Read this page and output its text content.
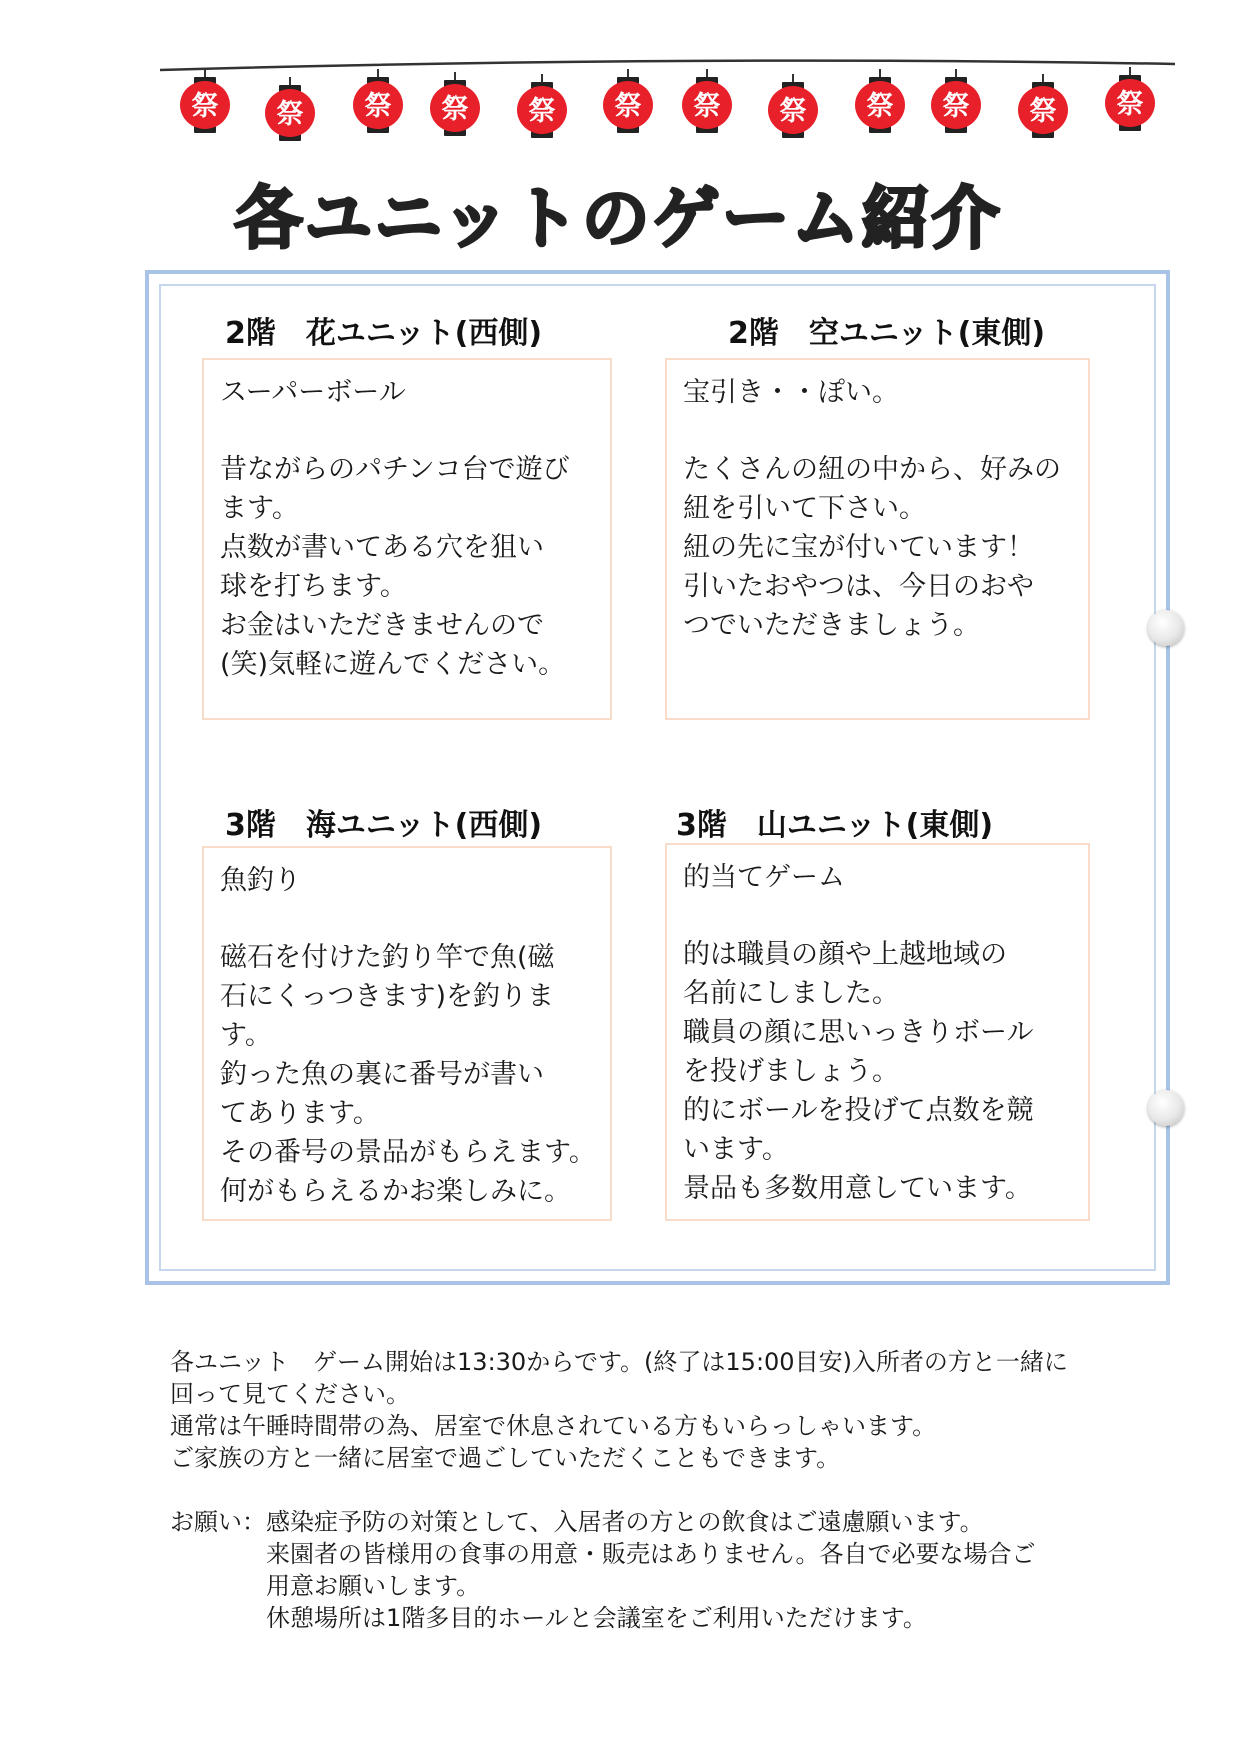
祭 祭 祭 祭 祭 祭 祭 祭 祭 祭 祭 祭
各ユニットのゲーム紹介
2階　花ユニット(西側)

スーパーボール

昔ながらのパチンコ台で遊び
ます。
点数が書いてある穴を狙い
球を打ちます。
お金はいただきませんので
(笑)気軽に遊んでください。

2階　空ユニット(東側)

宝引き・・ぽい。

たくさんの紐の中から、好みの
紐を引いて下さい。
紐の先に宝が付いています！
引いたおやつは、今日のおや
つでいただきましょう。

3階　海ユニット(西側)

魚釣り

磁石を付けた釣り竿で魚(磁
石にくっつきます)を釣ります。
釣った魚の裏に番号が書い
てあります。
その番号の景品がもらえます。
何がもらえるかお楽しみに。

3階　山ユニット(東側)

的当てゲーム

的は職員の顔や上越地域の
名前にしました。
職員の顔に思いっきりボール
を投げましょう。
的にボールを投げて点数を競
います。
景品も多数用意しています。

各ユニット　ゲーム開始は13:30からです。(終了は15:00目安)入所者の方と一緒に
回って見てください。
通常は午睡時間帯の為、居室で休息されている方もいらっしゃいます。
ご家族の方と一緒に居室で過ごしていただくこともできます。

お願い： 感染症予防の対策として、入居者の方との飲食はご遠慮願います。
来園者の皆様用の食事の用意・販売はありません。各自で必要な場合ご
用意お願いします。
休憩場所は1階多目的ホールと会議室をご利用いただけます。
